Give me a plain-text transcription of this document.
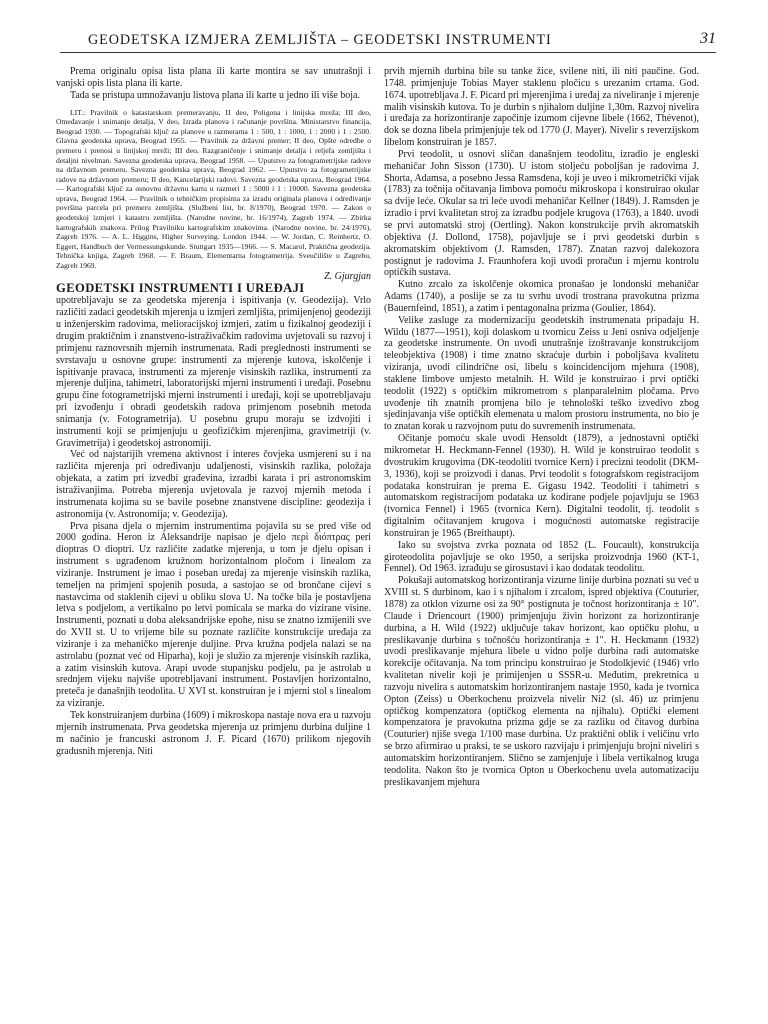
GEODETSKA IZMJERA ZEMLJIŠTA – GEODETSKI INSTRUMENTI	31

Prema originalu opisa lista plana ili karte montira se sav unutrašnji i vanjski opis lista plana ili karte.

Tada se pristupa umnožavanju listova plana ili karte u jedno ili više boja.

LIT.: Pravilnik o katastarskom premeravanju, II deo, Poligona i linijska mreža; III deo, Omeđavanje i snimanje detalja, V deo, Izrada planova i računanje površina. Ministarstvo financija, Beograd 1930. — Topografski ključ za planove u razmerama 1 : 500, 1 : 1000, 1 : 2000 i 1 : 2500. Glavna geodetska uprava, Beograd 1955. — Pravilnik za državni premer; II deo, Opšte odredbe o premeru i prenosi u linijskoj mreži; III deo, Razgraničenje i snimanje detalja i reljefa zemljišta i detaljni nivelman. Savezna geodetska uprava, Beograd 1958. — Uputstvo za fotogrametrijske radove na državnom premeru. Savezna geodetska uprava, Beograd 1962. — Uputstvo za fotogrametrijske radove na državnom premeru; II deo, Kancelarijski radovi. Savezna geodetska uprava, Beograd 1964. — Kartografski ključ za osnovnu državnu kartu u razmeri 1 : 5000 i 1 : 10000. Savezna geodetska uprava, Beograd 1964. — Pravilnik o tehničkim propisima za izradu originala planova i određivanje površina parcela pri premeru zemljišta. (Službeni list, br. 8/1970), Beograd 1970. — Zakon o geodetskoj izmjeri i katastru zemljišta. (Narodne novine, br. 16/1974), Zagreb 1974. — Zbirka kartografskih znakova. Prilog Pravilniku kartografskim znakovima. (Narodne novine, br. 24/1976), Zagreb 1976. — A. L. Higgins, Higher Surveying. London 1944. — W. Jordan, C. Reinhertz, O. Eggert, Handbuch der Vermessungskunde. Stuttgart 1935—1966. — S. Macarol, Praktična geodezija. Tehnička knjiga, Zagreb 1968. — F. Braum, Elementarna fotogrametrija. Sveučilište u Zagrebu, Zagreb 1969.

Z. Gjurgjan

GEODETSKI INSTRUMENTI I UREĐAJI

upotrebljavaju se za geodetska mjerenja i ispitivanja (v. Geodezija). Vrlo različiti zadaci geodetskih mjerenja u izmjeri zemljišta, primijenjenoj geodeziji u inženjerskim radovima, melioracijskoj izmjeri, zatim u fizikalnoj geodeziji i drugim praktičnim i znanstveno-istraživačkim radovima uvjetovali su razvoj i primjenu raznovrsnih mjernih instrumenata. Radi preglednosti instrumenti se svrstavaju u osnovne grupe: instrumenti za mjerenje kutova, iskolčenje i ispitivanje pravaca, instrumenti za mjerenje visinskih razlika, instrumenti za mjerenje duljina, tahimetri, laboratorijski mjerni instrumenti i uređaji. Posebnu grupu čine fotogrametrijski mjerni instrumenti i uređaji, koji se upotrebljavaju pri izvođenju i obradi geodetskih radova primjenom posebnih metoda snimanja (v. Fotogrametrija). U posebnu grupu moraju se izdvojiti i instrumenti koji se primjenjuju u geofizičkim mjerenjima, gravimetriji (v. Gravimetrija) i geodetskoj astronomiji.

Već od najstarijih vremena aktivnost i interes čovjeka usmjereni su i na različita mjerenja pri određivanju udaljenosti, visinskih razlika, položaja objekata, a zatim pri izvedbi građevina, izradbi karata i pri astronomskim istraživanjima. Potreba mjerenja uvjetovala je razvoj mjernih metoda i instrumenata kojima su se bavile posebne znanstvene discipline: geodezija i astronomija (v. Astronomija; v. Geodezija).

Prva pisana djela o mjernim instrumentima pojavila su se pred više od 2000 godina. Heron iz Aleksandrije napisao je djelo περὶ διόπτρας peri dioptras O dioptri. Uz različite zadatke mjerenja, u tom je djelu opisan i instrument s ugrađenom kružnom horizontalnom pločom i linealom za viziranje. Instrument je imao i poseban uređaj za mjerenje visinskih razlika, temeljen na primjeni spojenih posuda, a sastojao se od brončane cijevi s nastavcima od staklenih cijevi u obliku slova U. Na točke bila je postavljena letva s podjelom, a vertikalno po letvi pomicala se marka do vizirane visine. Instrumenti, poznati u doba aleksandrijske epohe, nisu se znatno izmijenili sve do XVII st. U to vrijeme bile su poznate različite konstrukcije uređaja za viziranje i za mehaničko mjerenje duljine. Prva kružna podjela nalazi se na astrolabu (poznat već od Hiparha), koji je služio za mjerenje visinskih razlika, a zatim visinskih kutova. Arapi uvode stupanjsku podjelu, pa je astrolab u srednjem vijeku najviše upotrebljavani instrument. Postavljen horizontalno, preteča je današnjih teodolita. U XVI st. konstruiran je i mjerni stol s linealom za viziranje.

Tek konstruiranjem durbina (1609) i mikroskopa nastaje nova era u razvoju mjernih instrumenata. Prva geodetska mjerenja uz primjenu durbina duljine 1 m načinio je francuski astronom J. F. Picard (1670) prilikom njegovih gradusnih mjerenja. Niti

prvih mjernih durbina bile su tanke žice, svilene niti, ili niti paučine. God. 1748. primjenjuje Tobias Mayer staklenu pločicu s urezanim crtama. God. 1674. upotrebljava J. F. Picard pri mjerenjima i uređaj za niveliranje i mjerenje malih visinskih kutova. To je durbin s njihalom duljine 1,30m. Razvoj nivelira i uređaja za horizontiranje započinje izumom cijevne libele (1662, Thévenot), dok se dozna libela primjenjuje tek od 1770 (J. Mayer). Nivelir s reverzijskom libelom konstruiran je 1857.

Prvi teodolit, u osnovi sličan današnjem teodolitu, izradio je engleski mehaničar John Sisson (1730). U istom stoljeću poboljšan je radovima J. Shorta, Adamsa, a posebno Jessa Ramsdena, koji je uveo i mikrometrički vijak (1783) za točnija očitavanja limbova pomoću mikroskopa i konstruirao okular sa dvije leće. Okular sa tri leće uvodi mehaničar Kellner (1849). J. Ramsden je izradio i prvi kvalitetan stroj za izradbu podjele krugova (1763), a 1840. uvodi se prvi automatski stroj (Oertling). Nakon konstrukcije prvih akromatskih objektiva (J. Dollond, 1758), pojavljuje se i prvi geodetski durbin s akromatskim objektivom (J. Ramsden, 1787). Znatan razvoj dalekozora postignut je radovima J. Fraunhofera koji uvodi proračun i mjernu kontrolu optičkih sustava.

Kutno zrcalo za iskolčenje okomica pronašao je londonski mehaničar Adams (1740), a poslije se za tu svrhu uvodi trostrana pravokutna prizma (Bauernfeind, 1851), a zatim i pentagonalna prizma (Goulier, 1864).

Velike zasluge za modernizaciju geodetskih instrumenata pripadaju H. Wildu (1877—1951), koji dolaskom u tvornicu Zeiss u Jeni osniva odjeljenje za geodetske instrumente. On uvodi unutrašnje izoštravanje konstrukcijom teleobjektiva (1908) i time znatno skraćuje durbin i poboljšava kvalitetu viziranja, uvodi cilindrične osi, libelu s koincidencijom mjehura (1908), staklene limbove umjesto metalnih. H. Wild je konstruirao i prvi optički teodolit (1922) s optičkim mikrometrom s planparalelnim pločama. Prvo uvođenje tih znatnih promjena bilo je tehnološki teško izvedivo zbog sjedinjavanja više optičkih elemenata u malom prostoru instrumenta, no bio je to znatan korak u razvojnom putu do suvremenih instrumenata.

Očitanje pomoću skale uvodi Hensoldt (1879), a jednostavni optički mikrometar H. Heckmann-Fennel (1930). H. Wild je konstruirao teodolit s dvostrukim krugovima (DK-teodoliti tvornice Kern) i precizni teodolit (DKM-3, 1936), koji se proizvodi i danas. Prvi teodolit s fotografskom registracijom podataka konstruiran je prema E. Gigasu 1942. Teodoliti i tahimetri s automatskom registracijom podataka uz kodirane podjele pojavljuju se 1963 (tvornica Fennel) i 1965 (tvornica Kern). Digitalni teodolit, tj. teodolit s digitalnim očitavanjem krugova i mogućnosti automatske registracije konstruiran je 1965 (Breithaupt).

Iako su svojstva zvrka poznata od 1852 (L. Foucault), konstrukcija giroteodolita pojavljuje se oko 1950, a serijska proizvodnja 1960 (KT-1, Fennel). Od 1963. izrađuju se girosustavi i kao dodatak teodolitu.

Pokušaji automatskog horizontiranja vizurne linije durbina poznati su već u XVIII st. S durbinom, kao i s njihalom i zrcalom, ispred objektiva (Couturier, 1878) za otklon vizurne osi za 90° postignuta je točnost horizontiranja ± 10″. Claude i Driencourt (1900) primjenjuju živin horizont za horizontiranje durbina, a H. Wild (1922) uključuje takav horizont, kao optičku plohu, u preslikavanje durbina s točnošću horizontiranja ± 1″. H. Heckmann (1932) uvodi preslikavanje mjehura libele u vidno polje durbina radi automatske korekcije očitavanja. Na tom principu konstruirao je Stodolkjević (1946) vrlo kvalitetan nivelir koji je primijenjen u SSSR-u. Međutim, prekretnica u razvoju nivelira s automatskim horizontiranjem nastaje 1950, kada je tvornica Opton (Zeiss) u Oberkochenu proizvela nivelir Ni2 (sl. 46) uz primjenu optičkog kompenzatora (optičkog elementa na njihalu). Optički element kompenzatora je pravokutna prizma gdje se za razliku od čitavog durbina (Couturier) njiše svega 1/100 mase durbina. Uz praktični oblik i veličinu vrlo se brzo afirmirao u praksi, te se uskoro razvijaju i primjenjuju brojni niveliri s automatskim horizontiranjem. Slično se zamjenjuje i libela vertikalnog kruga teodolita. Nakon što je tvornica Opton u Oberkochenu uvela automatizaciju preslikavanjem mjehura
